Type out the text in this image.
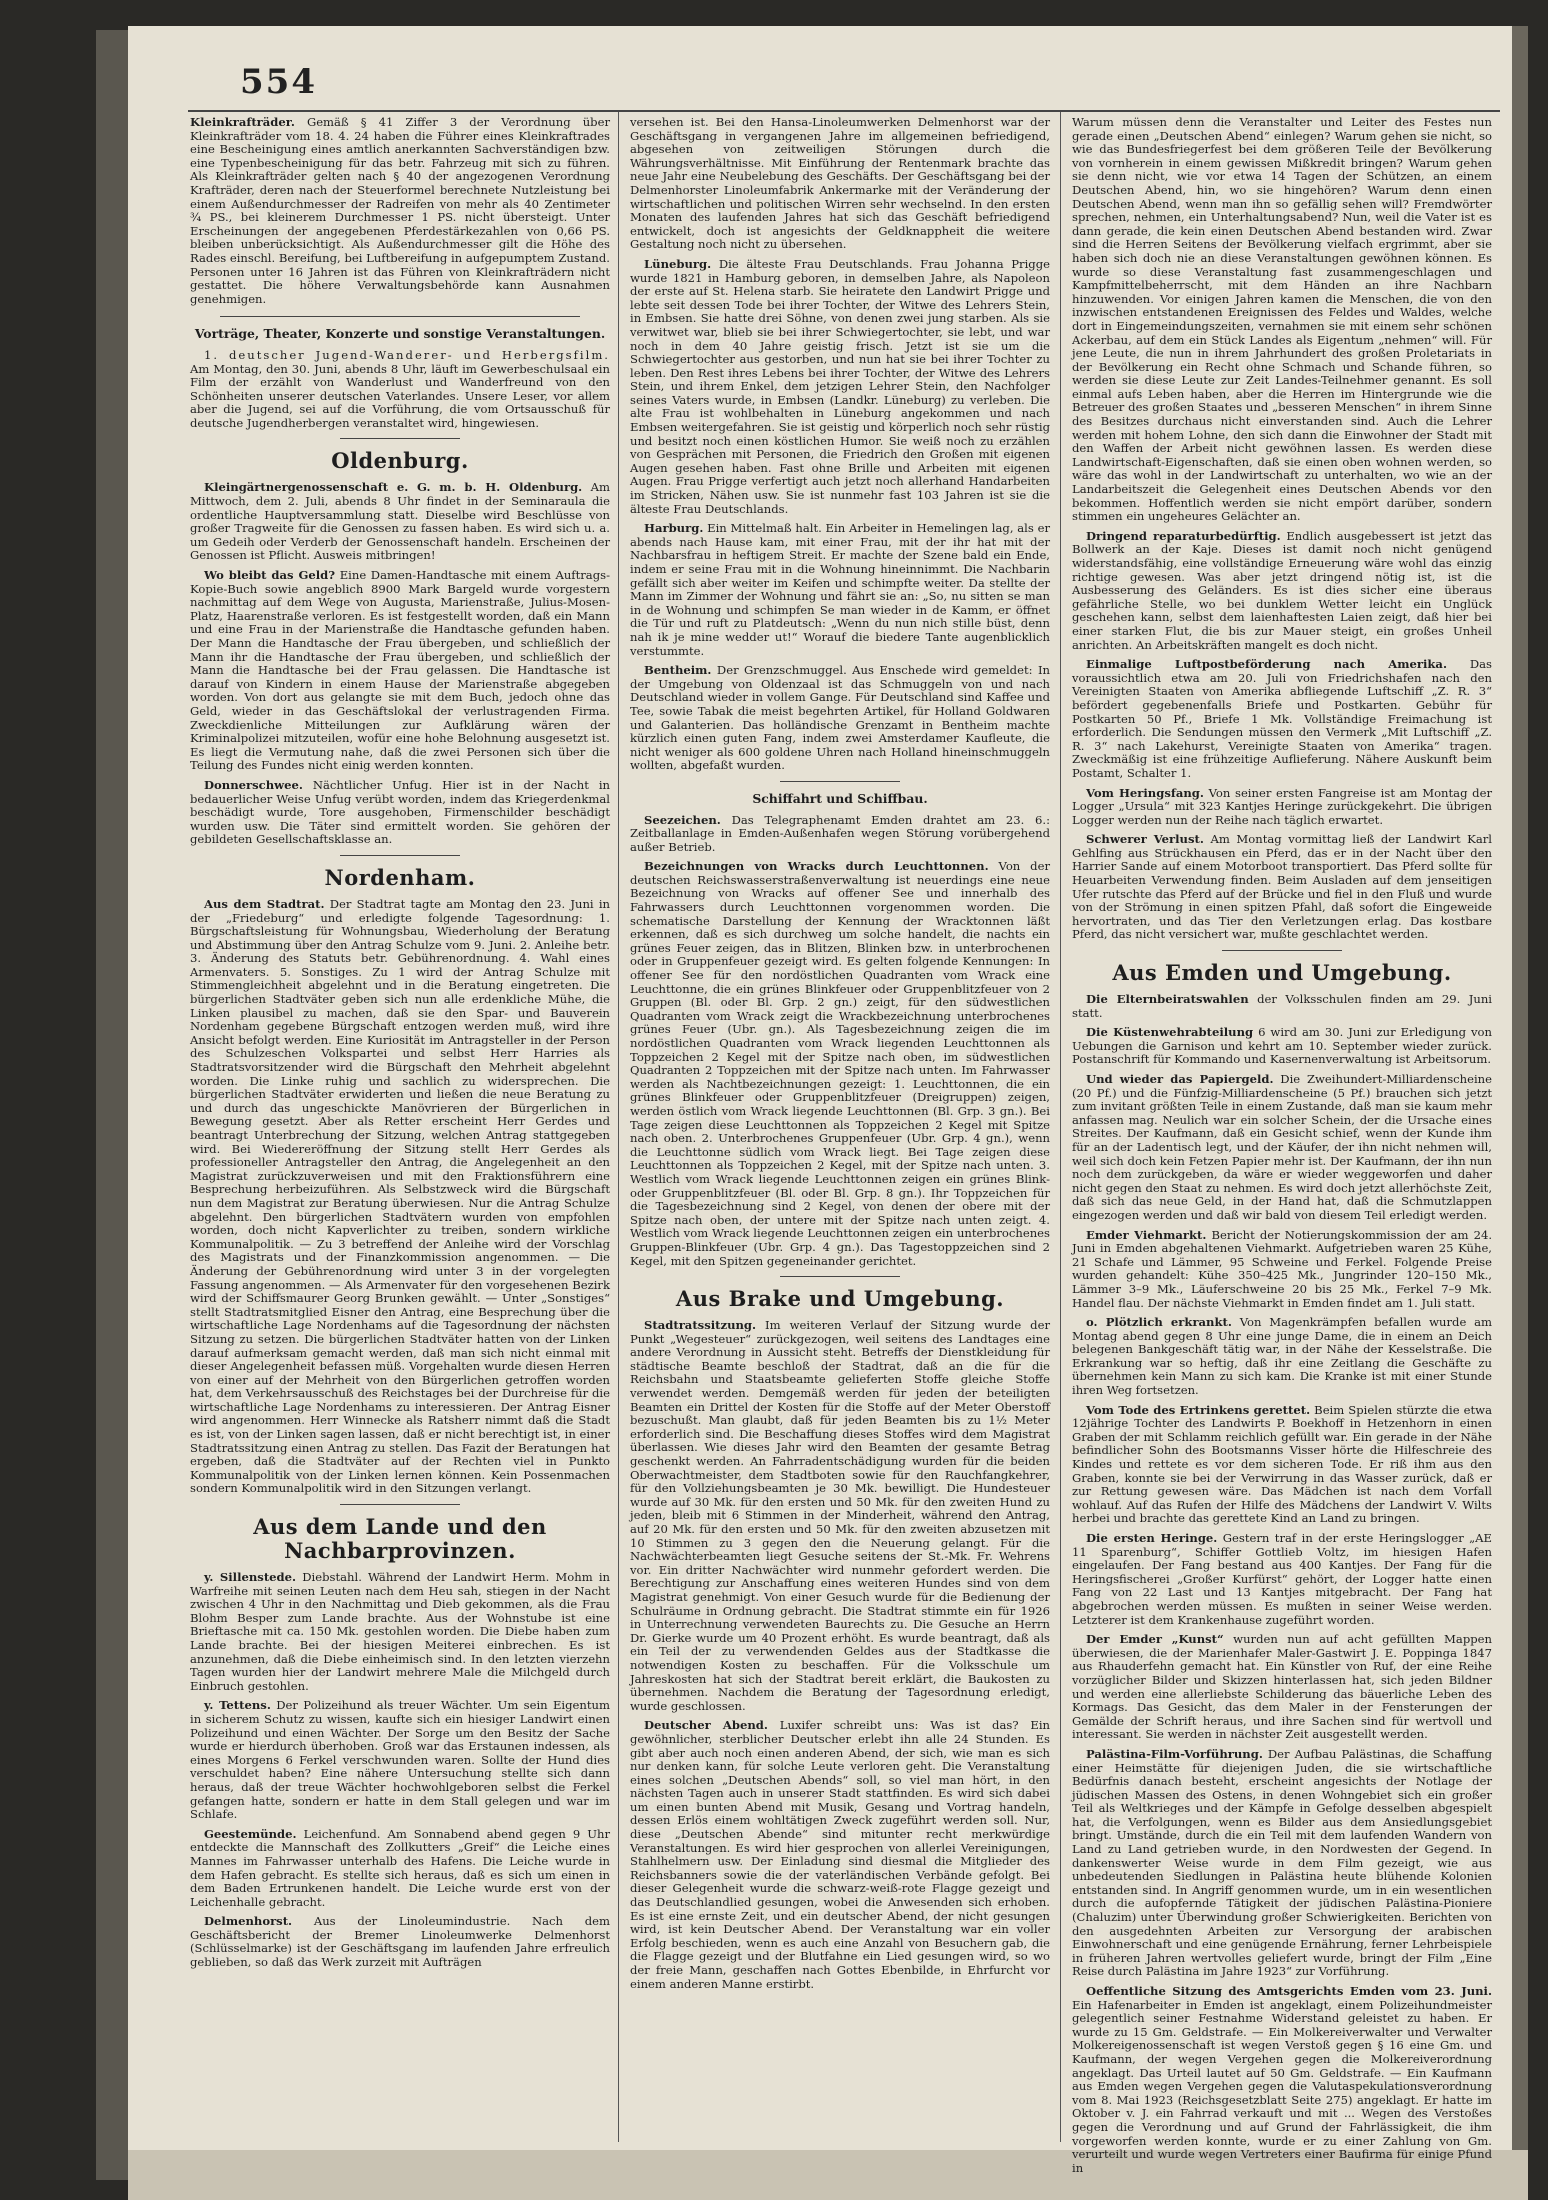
554

Kleinkrafträder. Gemäß § 41 Ziffer 3 der Verordnung über Kleinkrafträder vom 18. 4. 24 haben die Führer eines Kleinkraftrades eine Bescheinigung eines amtlich anerkannten Sachverständigen bzw. eine Typenbescheinigung für das betr. Fahrzeug mit sich zu führen. Als Kleinkrafträder gelten nach § 40 der angezogenen Verordnung Krafträder, deren nach der Steuerformel berechnete Nutzleistung bei einem Außendurchmesser der Radreifen von mehr als 40 Zentimeter ¾ PS., bei kleinerem Durchmesser 1 PS. nicht übersteigt. Unter Erscheinungen der angegebenen Pferdestärkezahlen von 0,66 PS. bleiben unberücksichtigt. Als Außendurchmesser gilt die Höhe des Rades einschl. Bereifung, bei Luftbereifung in aufgepumptem Zustand. Personen unter 16 Jahren ist das Führen von Kleinkrafträdern nicht gestattet. Die höhere Verwaltungsbehörde kann Ausnahmen genehmigen.

Vorträge, Theater, Konzerte und sonstige Veranstaltungen.

1. deutscher Jugend-Wanderer- und Herbergsfilm. Am Montag, den 30. Juni, abends 8 Uhr, läuft im Gewerbeschulsaal ein Film der erzählt von Wanderlust und Wanderfreund von den Schönheiten unserer deutschen Vaterlandes. Unsere Leser, vor allem aber die Jugend, sei auf die Vorführung, die vom Ortsausschuß für deutsche Jugendherbergen veranstaltet wird, hingewiesen.

Oldenburg.

Kleingärtnergenossenschaft e. G. m. b. H. Oldenburg. Am Mittwoch, dem 2. Juli, abends 8 Uhr findet in der Seminaraula die ordentliche Hauptversammlung statt. Dieselbe wird Beschlüsse von großer Tragweite für die Genossen zu fassen haben. Es wird sich u. a. um Gedeih oder Verderb der Genossenschaft handeln. Erscheinen der Genossen ist Pflicht. Ausweis mitbringen!

Wo bleibt das Geld? Eine Damen-Handtasche mit einem Auftrags-Kopie-Buch sowie angeblich 8900 Mark Bargeld wurde vorgestern nachmittag auf dem Wege von Augusta, Marienstraße, Julius-Mosen-Platz, Haarenstraße verloren. Es ist festgestellt worden, daß ein Mann und eine Frau in der Marienstraße die Handtasche gefunden haben. Der Mann die Handtasche der Frau übergeben, und schließlich der Mann ihr die Handtasche der Frau übergeben, und schließlich der Mann die Handtasche bei der Frau gelassen. Die Handtasche ist darauf von Kindern in einem Hause der Marienstraße abgegeben worden. Von dort aus gelangte sie mit dem Buch, jedoch ohne das Geld, wieder in das Geschäftslokal der verlustragenden Firma. Zweckdienliche Mitteilungen zur Aufklärung wären der Kriminalpolizei mitzuteilen, wofür eine hohe Belohnung ausgesetzt ist. Es liegt die Vermutung nahe, daß die zwei Personen sich über die Teilung des Fundes nicht einig werden konnten.

Donnerschwee. Nächtlicher Unfug. Hier ist in der Nacht in bedauerlicher Weise Unfug verübt worden, indem das Kriegerdenkmal beschädigt wurde, Tore ausgehoben, Firmenschilder beschädigt wurden usw. Die Täter sind ermittelt worden. Sie gehören der gebildeten Gesellschaftsklasse an.

Nordenham.

Aus dem Stadtrat. Der Stadtrat tagte am Montag den 23. Juni in der „Friedeburg“ und erledigte folgende Tagesordnung: 1. Bürgschaftsleistung für Wohnungsbau, Wiederholung der Beratung und Abstimmung über den Antrag Schulze vom 9. Juni. 2. Anleihe betr. 3. Änderung des Statuts betr. Gebührenordnung. 4. Wahl eines Armenvaters. 5. Sonstiges. Zu 1 wird der Antrag Schulze mit Stimmengleichheit abgelehnt und in die Beratung eingetreten. Die bürgerlichen Stadtväter geben sich nun alle erdenkliche Mühe, die Linken plausibel zu machen, daß sie den Spar- und Bauverein Nordenham gegebene Bürgschaft entzogen werden muß, wird ihre Ansicht befolgt werden. Eine Kuriosität im Antragsteller in der Person des Schulzeschen Volkspartei und selbst Herr Harries als Stadtratsvorsitzender wird die Bürgschaft den Mehrheit abgelehnt worden. Die Linke ruhig und sachlich zu widersprechen. Die bürgerlichen Stadtväter erwiderten und ließen die neue Beratung zu und durch das ungeschickte Manövrieren der Bürgerlichen in Bewegung gesetzt. Aber als Retter erscheint Herr Gerdes und beantragt Unterbrechung der Sitzung, welchen Antrag stattgegeben wird. Bei Wiedereröffnung der Sitzung stellt Herr Gerdes als professioneller Antragsteller den Antrag, die Angelegenheit an den Magistrat zurückzuverweisen und mit den Fraktionsführern eine Besprechung herbeizuführen. Als Selbstzweck wird die Bürgschaft nun dem Magistrat zur Beratung überwiesen. Nur die Antrag Schulze abgelehnt. Den bürgerlichen Stadtvätern wurden von empfohlen worden, doch nicht Kapverlichter zu treiben, sondern wirkliche Kommunalpolitik. — Zu 3 betreffend der Anleihe wird der Vorschlag des Magistrats und der Finanzkommission angenommen. — Die Änderung der Gebührenordnung wird unter 3 in der vorgelegten Fassung angenommen. — Als Armenvater für den vorgesehenen Bezirk wird der Schiffsmaurer Georg Brunken gewählt. — Unter „Sonstiges“ stellt Stadtratsmitglied Eisner den Antrag, eine Besprechung über die wirtschaftliche Lage Nordenhams auf die Tagesordnung der nächsten Sitzung zu setzen. Die bürgerlichen Stadtväter hatten von der Linken darauf aufmerksam gemacht werden, daß man sich nicht einmal mit dieser Angelegenheit befassen müß. Vorgehalten wurde diesen Herren von einer auf der Mehrheit von den Bürgerlichen getroffen worden hat, dem Verkehrsausschuß des Reichstages bei der Durchreise für die wirtschaftliche Lage Nordenhams zu interessieren. Der Antrag Eisner wird angenommen. Herr Winnecke als Ratsherr nimmt daß die Stadt es ist, von der Linken sagen lassen, daß er nicht berechtigt ist, in einer Stadtratssitzung einen Antrag zu stellen. Das Fazit der Beratungen hat ergeben, daß die Stadtväter auf der Rechten viel in Punkto Kommunalpolitik von der Linken lernen können. Kein Possenmachen sondern Kommunalpolitik wird in den Sitzungen verlangt.

Aus dem Lande und den Nachbarprovinzen.

y. Sillenstede. Diebstahl. Während der Landwirt Herm. Mohm in Warfreihe mit seinen Leuten nach dem Heu sah, stiegen in der Nacht zwischen 4 Uhr in den Nachmittag und Dieb gekommen, als die Frau Blohm Besper zum Lande brachte. Aus der Wohnstube ist eine Brieftasche mit ca. 150 Mk. gestohlen worden. Die Diebe haben zum Lande brachte. Bei der hiesigen Meiterei einbrechen. Es ist anzunehmen, daß die Diebe einheimisch sind. In den letzten vierzehn Tagen wurden hier der Landwirt mehrere Male die Milchgeld durch Einbruch gestohlen.

y. Tettens. Der Polizeihund als treuer Wächter. Um sein Eigentum in sicherem Schutz zu wissen, kaufte sich ein hiesiger Landwirt einen Polizeihund und einen Wächter. Der Sorge um den Besitz der Sache wurde er hierdurch überhoben. Groß war das Erstaunen indessen, als eines Morgens 6 Ferkel verschwunden waren. Sollte der Hund dies verschuldet haben? Eine nähere Untersuchung stellte sich dann heraus, daß der treue Wächter hochwohlgeboren selbst die Ferkel gefangen hatte, sondern er hatte in dem Stall gelegen und war im Schlafe.

Geestemünde. Leichenfund. Am Sonnabend abend gegen 9 Uhr entdeckte die Mannschaft des Zollkutters „Greif“ die Leiche eines Mannes im Fahrwasser unterhalb des Hafens. Die Leiche wurde in dem Hafen gebracht. Es stellte sich heraus, daß es sich um einen in dem Baden Ertrunkenen handelt. Die Leiche wurde erst von der Leichenhalle gebracht.

Delmenhorst. Aus der Linoleumindustrie. Nach dem Geschäftsbericht der Bremer Linoleumwerke Delmenhorst (Schlüsselmarke) ist der Geschäftsgang im laufenden Jahre erfreulich geblieben, so daß das Werk zurzeit mit Aufträgen

versehen ist. Bei den Hansa-Linoleumwerken Delmenhorst war der Geschäftsgang in vergangenen Jahre im allgemeinen befriedigend, abgesehen von zeitweiligen Störungen durch die Währungsverhältnisse. Mit Einführung der Rentenmark brachte das neue Jahr eine Neubelebung des Geschäfts. Der Geschäftsgang bei der Delmenhorster Linoleumfabrik Ankermarke mit der Veränderung der wirtschaftlichen und politischen Wirren sehr wechselnd. In den ersten Monaten des laufenden Jahres hat sich das Geschäft befriedigend entwickelt, doch ist angesichts der Geldknappheit die weitere Gestaltung noch nicht zu übersehen.

Lüneburg. Die älteste Frau Deutschlands. Frau Johanna Prigge wurde 1821 in Hamburg geboren, in demselben Jahre, als Napoleon der erste auf St. Helena starb. Sie heiratete den Landwirt Prigge und lebte seit dessen Tode bei ihrer Tochter, der Witwe des Lehrers Stein, in Embsen. Sie hatte drei Söhne, von denen zwei jung starben. Als sie verwitwet war, blieb sie bei ihrer Schwiegertochter, sie lebt, und war noch in dem 40 Jahre geistig frisch. Jetzt ist sie um die Schwiegertochter aus gestorben, und nun hat sie bei ihrer Tochter zu leben. Den Rest ihres Lebens bei ihrer Tochter, der Witwe des Lehrers Stein, und ihrem Enkel, dem jetzigen Lehrer Stein, den Nachfolger seines Vaters wurde, in Embsen (Landkr. Lüneburg) zu verleben. Die alte Frau ist wohlbehalten in Lüneburg angekommen und nach Embsen weitergefahren. Sie ist geistig und körperlich noch sehr rüstig und besitzt noch einen köstlichen Humor. Sie weiß noch zu erzählen von Gesprächen mit Personen, die Friedrich den Großen mit eigenen Augen gesehen haben. Fast ohne Brille und Arbeiten mit eigenen Augen. Frau Prigge verfertigt auch jetzt noch allerhand Handarbeiten im Stricken, Nähen usw. Sie ist nunmehr fast 103 Jahren ist sie die älteste Frau Deutschlands.

Harburg. Ein Mittelmaß halt. Ein Arbeiter in Hemelingen lag, als er abends nach Hause kam, mit einer Frau, mit der ihr hat mit der Nachbarsfrau in heftigem Streit. Er machte der Szene bald ein Ende, indem er seine Frau mit in die Wohnung hineinnimmt. Die Nachbarin gefällt sich aber weiter im Keifen und schimpfte weiter. Da stellte der Mann im Zimmer der Wohnung und fährt sie an: „So, nu sitten se man in de Wohnung und schimpfen Se man wieder in de Kamm, er öffnet die Tür und ruft zu Platdeutsch: „Wenn du nun nich stille büst, denn nah ik je mine wedder ut!“ Worauf die biedere Tante augenblicklich verstummte.

Bentheim. Der Grenzschmuggel. Aus Enschede wird gemeldet: In der Umgebung von Oldenzaal ist das Schmuggeln von und nach Deutschland wieder in vollem Gange. Für Deutschland sind Kaffee und Tee, sowie Tabak die meist begehrten Artikel, für Holland Goldwaren und Galanterien. Das holländische Grenzamt in Bentheim machte kürzlich einen guten Fang, indem zwei Amsterdamer Kaufleute, die nicht weniger als 600 goldene Uhren nach Holland hineinschmuggeln wollten, abgefaßt wurden.

Schiffahrt und Schiffbau.

Seezeichen. Das Telegraphenamt Emden drahtet am 23. 6.: Zeitballanlage in Emden-Außenhafen wegen Störung vorübergehend außer Betrieb.

Bezeichnungen von Wracks durch Leuchttonnen. Von der deutschen Reichswasserstraßenverwaltung ist neuerdings eine neue Bezeichnung von Wracks auf offener See und innerhalb des Fahrwassers durch Leuchttonnen vorgenommen worden. Die schematische Darstellung der Kennung der Wracktonnen läßt erkennen, daß es sich durchweg um solche handelt, die nachts ein grünes Feuer zeigen, das in Blitzen, Blinken bzw. in unterbrochenen oder in Gruppenfeuer gezeigt wird. Es gelten folgende Kennungen: In offener See für den nordöstlichen Quadranten vom Wrack eine Leuchttonne, die ein grünes Blinkfeuer oder Gruppenblitzfeuer von 2 Gruppen (Bl. oder Bl. Grp. 2 gn.) zeigt, für den südwestlichen Quadranten vom Wrack zeigt die Wrackbezeichnung unterbrochenes grünes Feuer (Ubr. gn.). Als Tagesbezeichnung zeigen die im nordöstlichen Quadranten vom Wrack liegenden Leuchttonnen als Toppzeichen 2 Kegel mit der Spitze nach oben, im südwestlichen Quadranten 2 Toppzeichen mit der Spitze nach unten. Im Fahrwasser werden als Nachtbezeichnungen gezeigt: 1. Leuchttonnen, die ein grünes Blinkfeuer oder Gruppenblitzfeuer (Dreigruppen) zeigen, werden östlich vom Wrack liegende Leuchttonnen (Bl. Grp. 3 gn.). Bei Tage zeigen diese Leuchttonnen als Toppzeichen 2 Kegel mit Spitze nach oben. 2. Unterbrochenes Gruppenfeuer (Ubr. Grp. 4 gn.), wenn die Leuchttonne südlich vom Wrack liegt. Bei Tage zeigen diese Leuchttonnen als Toppzeichen 2 Kegel, mit der Spitze nach unten. 3. Westlich vom Wrack liegende Leuchttonnen zeigen ein grünes Blink- oder Gruppenblitzfeuer (Bl. oder Bl. Grp. 8 gn.). Ihr Toppzeichen für die Tagesbezeichnung sind 2 Kegel, von denen der obere mit der Spitze nach oben, der untere mit der Spitze nach unten zeigt. 4. Westlich vom Wrack liegende Leuchttonnen zeigen ein unterbrochenes Gruppen-Blinkfeuer (Ubr. Grp. 4 gn.). Das Tagestoppzeichen sind 2 Kegel, mit den Spitzen gegeneinander gerichtet.

Aus Brake und Umgebung.

Stadtratssitzung. Im weiteren Verlauf der Sitzung wurde der Punkt „Wegesteuer“ zurückgezogen, weil seitens des Landtages eine andere Verordnung in Aussicht steht. Betreffs der Dienstkleidung für städtische Beamte beschloß der Stadtrat, daß an die für die Reichsbahn und Staatsbeamte gelieferten Stoffe gleiche Stoffe verwendet werden. Demgemäß werden für jeden der beteiligten Beamten ein Drittel der Kosten für die Stoffe auf der Meter Oberstoff bezuschußt. Man glaubt, daß für jeden Beamten bis zu 1½ Meter erforderlich sind. Die Beschaffung dieses Stoffes wird dem Magistrat überlassen. Wie dieses Jahr wird den Beamten der gesamte Betrag geschenkt werden. An Fahrradentschädigung wurden für die beiden Oberwachtmeister, dem Stadtboten sowie für den Rauchfangkehrer, für den Vollziehungsbeamten je 30 Mk. bewilligt. Die Hundesteuer wurde auf 30 Mk. für den ersten und 50 Mk. für den zweiten Hund zu jeden, bleib mit 6 Stimmen in der Minderheit, während den Antrag, auf 20 Mk. für den ersten und 50 Mk. für den zweiten abzusetzen mit 10 Stimmen zu 3 gegen den die Neuerung gelangt. Für die Nachwächterbeamten liegt Gesuche seitens der St.-Mk. Fr. Wehrens vor. Ein dritter Nachwächter wird nunmehr gefordert werden. Die Berechtigung zur Anschaffung eines weiteren Hundes sind von dem Magistrat genehmigt. Von einer Gesuch wurde für die Bedienung der Schulräume in Ordnung gebracht. Die Stadtrat stimmte ein für 1926 in Unterrechnung verwendeten Baurechts zu. Die Gesuche an Herrn Dr. Gierke wurde um 40 Prozent erhöht. Es wurde beantragt, daß als ein Teil der zu verwendenden Geldes aus der Stadtkasse die notwendigen Kosten zu beschaffen. Für die Volksschule um Jahreskosten hat sich der Stadtrat bereit erklärt, die Baukosten zu übernehmen. Nachdem die Beratung der Tagesordnung erledigt, wurde geschlossen.

Deutscher Abend. Luxifer schreibt uns: Was ist das? Ein gewöhnlicher, sterblicher Deutscher erlebt ihn alle 24 Stunden. Es gibt aber auch noch einen anderen Abend, der sich, wie man es sich nur denken kann, für solche Leute verloren geht. Die Veranstaltung eines solchen „Deutschen Abends“ soll, so viel man hört, in den nächsten Tagen auch in unserer Stadt stattfinden. Es wird sich dabei um einen bunten Abend mit Musik, Gesang und Vortrag handeln, dessen Erlös einem wohltätigen Zweck zugeführt werden soll. Nur, diese „Deutschen Abende“ sind mitunter recht merkwürdige Veranstaltungen. Es wird hier gesprochen von allerlei Vereinigungen, Stahlhelmern usw. Der Einladung sind diesmal die Mitglieder des Reichsbanners sowie die der vaterländischen Verbände gefolgt. Bei dieser Gelegenheit wurde die schwarz-weiß-rote Flagge gezeigt und das Deutschlandlied gesungen, wobei die Anwesenden sich erhoben. Es ist eine ernste Zeit, und ein deutscher Abend, der nicht gesungen wird, ist kein Deutscher Abend. Der Veranstaltung war ein voller Erfolg beschieden, wenn es auch eine Anzahl von Besuchern gab, die die Flagge gezeigt und der Blutfahne ein Lied gesungen wird, so wo der freie Mann, geschaffen nach Gottes Ebenbilde, in Ehrfurcht vor einem anderen Manne erstirbt.

Warum müssen denn die Veranstalter und Leiter des Festes nun gerade einen „Deutschen Abend“ einlegen? Warum gehen sie nicht, so wie das Bundesfriegerfest bei dem größeren Teile der Bevölkerung von vornherein in einem gewissen Mißkredit bringen? Warum gehen sie denn nicht, wie vor etwa 14 Tagen der Schützen, an einem Deutschen Abend, hin, wo sie hingehören? Warum denn einen Deutschen Abend, wenn man ihn so gefällig sehen will? Fremdwörter sprechen, nehmen, ein Unterhaltungsabend? Nun, weil die Vater ist es dann gerade, die kein einen Deutschen Abend bestanden wird. Zwar sind die Herren Seitens der Bevölkerung vielfach ergrimmt, aber sie haben sich doch nie an diese Veranstaltungen gewöhnen können. Es wurde so diese Veranstaltung fast zusammengeschlagen und Kampfmittelbeherrscht, mit dem Händen an ihre Nachbarn hinzuwenden. Vor einigen Jahren kamen die Menschen, die von den inzwischen entstandenen Ereignissen des Feldes und Waldes, welche dort in Eingemeindungszeiten, vernahmen sie mit einem sehr schönen Ackerbau, auf dem ein Stück Landes als Eigentum „nehmen“ will. Für jene Leute, die nun in ihrem Jahrhundert des großen Proletariats in der Bevölkerung ein Recht ohne Schmach und Schande führen, so werden sie diese Leute zur Zeit Landes-Teilnehmer genannt. Es soll einmal aufs Leben haben, aber die Herren im Hintergrunde wie die Betreuer des großen Staates und „besseren Menschen“ in ihrem Sinne des Besitzes durchaus nicht einverstanden sind. Auch die Lehrer werden mit hohem Lohne, den sich dann die Einwohner der Stadt mit den Waffen der Arbeit nicht gewöhnen lassen. Es werden diese Landwirtschaft-Eigenschaften, daß sie einen oben wohnen werden, so wäre das wohl in der Landwirtschaft zu unterhalten, wo wie an der Landarbeitszeit die Gelegenheit eines Deutschen Abends vor den bekommen. Hoffentlich werden sie nicht empört darüber, sondern stimmen ein ungeheures Gelächter an.

Dringend reparaturbedürftig. Endlich ausgebessert ist jetzt das Bollwerk an der Kaje. Dieses ist damit noch nicht genügend widerstandsfähig, eine vollständige Erneuerung wäre wohl das einzig richtige gewesen. Was aber jetzt dringend nötig ist, ist die Ausbesserung des Geländers. Es ist dies sicher eine überaus gefährliche Stelle, wo bei dunklem Wetter leicht ein Unglück geschehen kann, selbst dem laienhaftesten Laien zeigt, daß hier bei einer starken Flut, die bis zur Mauer steigt, ein großes Unheil anrichten. An Arbeitskräften mangelt es doch nicht.

Einmalige Luftpostbeförderung nach Amerika. Das voraussichtlich etwa am 20. Juli von Friedrichshafen nach den Vereinigten Staaten von Amerika abfliegende Luftschiff „Z. R. 3“ befördert gegebenenfalls Briefe und Postkarten. Gebühr für Postkarten 50 Pf., Briefe 1 Mk. Vollständige Freimachung ist erforderlich. Die Sendungen müssen den Vermerk „Mit Luftschiff „Z. R. 3“ nach Lakehurst, Vereinigte Staaten von Amerika“ tragen. Zweckmäßig ist eine frühzeitige Auflieferung. Nähere Auskunft beim Postamt, Schalter 1.

Vom Heringsfang. Von seiner ersten Fangreise ist am Montag der Logger „Ursula“ mit 323 Kantjes Heringe zurückgekehrt. Die übrigen Logger werden nun der Reihe nach täglich erwartet.

Schwerer Verlust. Am Montag vormittag ließ der Landwirt Karl Gehlfing aus Strückhausen ein Pferd, das er in der Nacht über den Harrier Sande auf einem Motorboot transportiert. Das Pferd sollte für Heuarbeiten Verwendung finden. Beim Ausladen auf dem jenseitigen Ufer rutschte das Pferd auf der Brücke und fiel in den Fluß und wurde von der Strömung in einen spitzen Pfahl, daß sofort die Eingeweide hervortraten, und das Tier den Verletzungen erlag. Das kostbare Pferd, das nicht versichert war, mußte geschlachtet werden.

Aus Emden und Umgebung.

Die Elternbeiratswahlen der Volksschulen finden am 29. Juni statt.

Die Küstenwehrabteilung 6 wird am 30. Juni zur Erledigung von Uebungen die Garnison und kehrt am 10. September wieder zurück. Postanschrift für Kommando und Kasernenverwaltung ist Arbeitsorum.

Und wieder das Papiergeld. Die Zweihundert-Milliardenscheine (20 Pf.) und die Fünfzig-Milliardenscheine (5 Pf.) brauchen sich jetzt zum invitant größten Teile in einem Zustande, daß man sie kaum mehr anfassen mag. Neulich war ein solcher Schein, der die Ursache eines Streites. Der Kaufmann, daß ein Gesicht schief, wenn der Kunde ihm für an der Ladentisch legt, und der Käufer, der ihn nicht nehmen will, weil sich doch kein Fetzen Papier mehr ist. Der Kaufmann, der ihn nun noch dem zurückgeben, da wäre er wieder weggeworfen und daher nicht gegen den Staat zu nehmen. Es wird doch jetzt allerhöchste Zeit, daß sich das neue Geld, in der Hand hat, daß die Schmutzlappen eingezogen werden und daß wir bald von diesem Teil erledigt werden.

Emder Viehmarkt. Bericht der Notierungskommission der am 24. Juni in Emden abgehaltenen Viehmarkt. Aufgetrieben waren 25 Kühe, 21 Schafe und Lämmer, 95 Schweine und Ferkel. Folgende Preise wurden gehandelt: Kühe 350–425 Mk., Jungrinder 120–150 Mk., Lämmer 3–9 Mk., Läuferschweine 20 bis 25 Mk., Ferkel 7–9 Mk. Handel flau. Der nächste Viehmarkt in Emden findet am 1. Juli statt.

o. Plötzlich erkrankt. Von Magenkrämpfen befallen wurde am Montag abend gegen 8 Uhr eine junge Dame, die in einem an Deich belegenen Bankgeschäft tätig war, in der Nähe der Kesselstraße. Die Erkrankung war so heftig, daß ihr eine Zeitlang die Geschäfte zu übernehmen kein Mann zu sich kam. Die Kranke ist mit einer Stunde ihren Weg fortsetzen.

Vom Tode des Ertrinkens gerettet. Beim Spielen stürzte die etwa 12jährige Tochter des Landwirts P. Boekhoff in Hetzenhorn in einen Graben der mit Schlamm reichlich gefüllt war. Ein gerade in der Nähe befindlicher Sohn des Bootsmanns Visser hörte die Hilfeschreie des Kindes und rettete es vor dem sicheren Tode. Er riß ihm aus den Graben, konnte sie bei der Verwirrung in das Wasser zurück, daß er zur Rettung gewesen wäre. Das Mädchen ist nach dem Vorfall wohlauf. Auf das Rufen der Hilfe des Mädchens der Landwirt V. Wilts herbei und brachte das gerettete Kind an Land zu bringen.

Die ersten Heringe. Gestern traf in der erste Heringslogger „AE 11 Sparenburg“, Schiffer Gottlieb Voltz, im hiesigen Hafen eingelaufen. Der Fang bestand aus 400 Kantjes. Der Fang für die Heringsfischerei „Großer Kurfürst“ gehört, der Logger hatte einen Fang von 22 Last und 13 Kantjes mitgebracht. Der Fang hat abgebrochen werden müssen. Es mußten in seiner Weise werden. Letzterer ist dem Krankenhause zugeführt worden.

Der Emder „Kunst“ wurden nun auf acht gefüllten Mappen überwiesen, die der Marienhafer Maler-Gastwirt J. E. Poppinga 1847 aus Rhauderfehn gemacht hat. Ein Künstler von Ruf, der eine Reihe vorzüglicher Bilder und Skizzen hinterlassen hat, sich jeden Bildner und werden eine allerliebste Schilderung das bäuerliche Leben des Kormags. Das Gesicht, das dem Maler in der Fensterungen der Gemälde der Schrift heraus, und ihre Sachen sind für wertvoll und interessant. Sie werden in nächster Zeit ausgestellt werden.

Palästina-Film-Vorführung. Der Aufbau Palästinas, die Schaffung einer Heimstätte für diejenigen Juden, die sie wirtschaftliche Bedürfnis danach besteht, erscheint angesichts der Notlage der jüdischen Massen des Ostens, in denen Wohngebiet sich ein großer Teil als Weltkrieges und der Kämpfe in Gefolge desselben abgespielt hat, die Verfolgungen, wenn es Bilder aus dem Ansiedlungsgebiet bringt. Umstände, durch die ein Teil mit dem laufenden Wandern von Land zu Land getrieben wurde, in den Nordwesten der Gegend. In dankenswerter Weise wurde in dem Film gezeigt, wie aus unbedeutenden Siedlungen in Palästina heute blühende Kolonien entstanden sind. In Angriff genommen wurde, um in ein wesentlichen durch die aufopfernde Tätigkeit der jüdischen Palästina-Pioniere (Chaluzim) unter Überwindung großer Schwierigkeiten. Berichten von den ausgedehnten Arbeiten zur Versorgung der arabischen Einwohnerschaft und eine genügende Ernährung, ferner Lehrbeispiele in früheren Jahren wertvolles geliefert wurde, bringt der Film „Eine Reise durch Palästina im Jahre 1923“ zur Vorführung.

Oeffentliche Sitzung des Amtsgerichts Emden vom 23. Juni. Ein Hafenarbeiter in Emden ist angeklagt, einem Polizeihundmeister gelegentlich seiner Festnahme Widerstand geleistet zu haben. Er wurde zu 15 Gm. Geldstrafe. — Ein Molkereiverwalter und Verwalter Molkereigenossenschaft ist wegen Verstoß gegen § 16 eine Gm. und Kaufmann, der wegen Vergehen gegen die Molkereiverordnung angeklagt. Das Urteil lautet auf 50 Gm. Geldstrafe. — Ein Kaufmann aus Emden wegen Vergehen gegen die Valutaspekulationsverordnung vom 8. Mai 1923 (Reichsgesetzblatt Seite 275) angeklagt. Er hatte im Oktober v. J. ein Fahrrad verkauft und mit ... Wegen des Verstoßes gegen die Verordnung und auf Grund der Fahrlässigkeit, die ihm vorgeworfen werden konnte, wurde er zu einer Zahlung von Gm. verurteilt und wurde wegen Vertreters einer Baufirma für einige Pfund in
